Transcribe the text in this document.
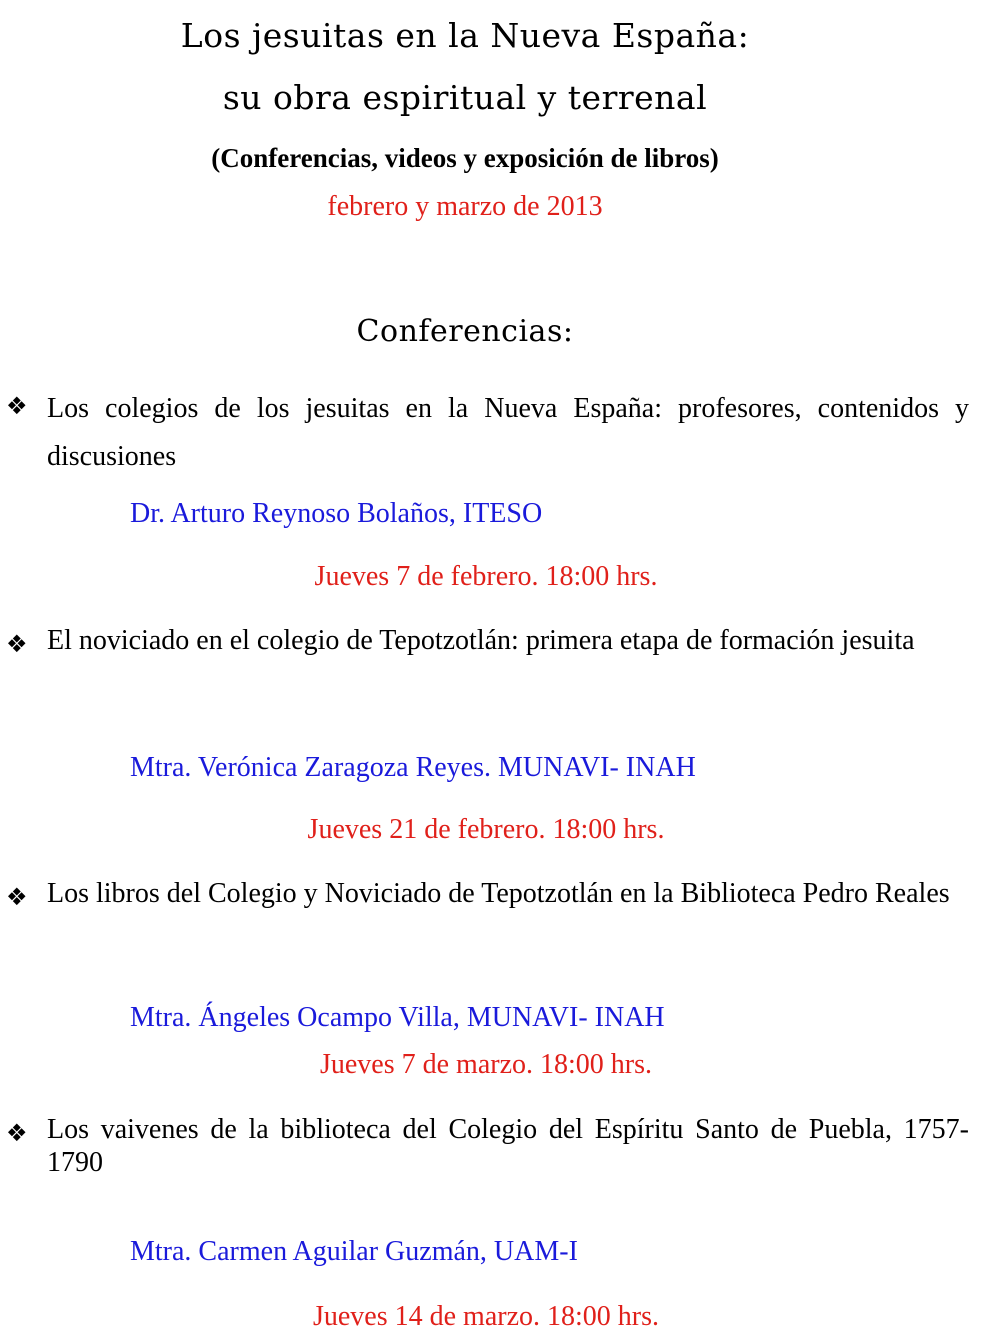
Los jesuitas en la Nueva España:
su obra espiritual y terrenal
(Conferencias, videos y exposición de libros)
febrero y marzo de 2013
Conferencias:
❖ Los colegios de los jesuitas en la Nueva España: profesores, contenidos y discusiones

Dr. Arturo Reynoso Bolaños, ITESO
Jueves 7 de febrero. 18:00 hrs.
❖ El noviciado en el colegio de Tepotzotlán: primera etapa de formación jesuita

Mtra. Verónica Zaragoza Reyes. MUNAVI- INAH
Jueves 21 de febrero. 18:00 hrs.
❖ Los libros del Colegio y Noviciado de Tepotzotlán en la Biblioteca Pedro Reales

Mtra. Ángeles Ocampo Villa, MUNAVI- INAH
Jueves 7 de marzo. 18:00 hrs.
❖ Los vaivenes de la biblioteca del Colegio del Espíritu Santo de Puebla, 1757- 1790

Mtra. Carmen Aguilar Guzmán, UAM-I
Jueves 14 de marzo. 18:00 hrs.
